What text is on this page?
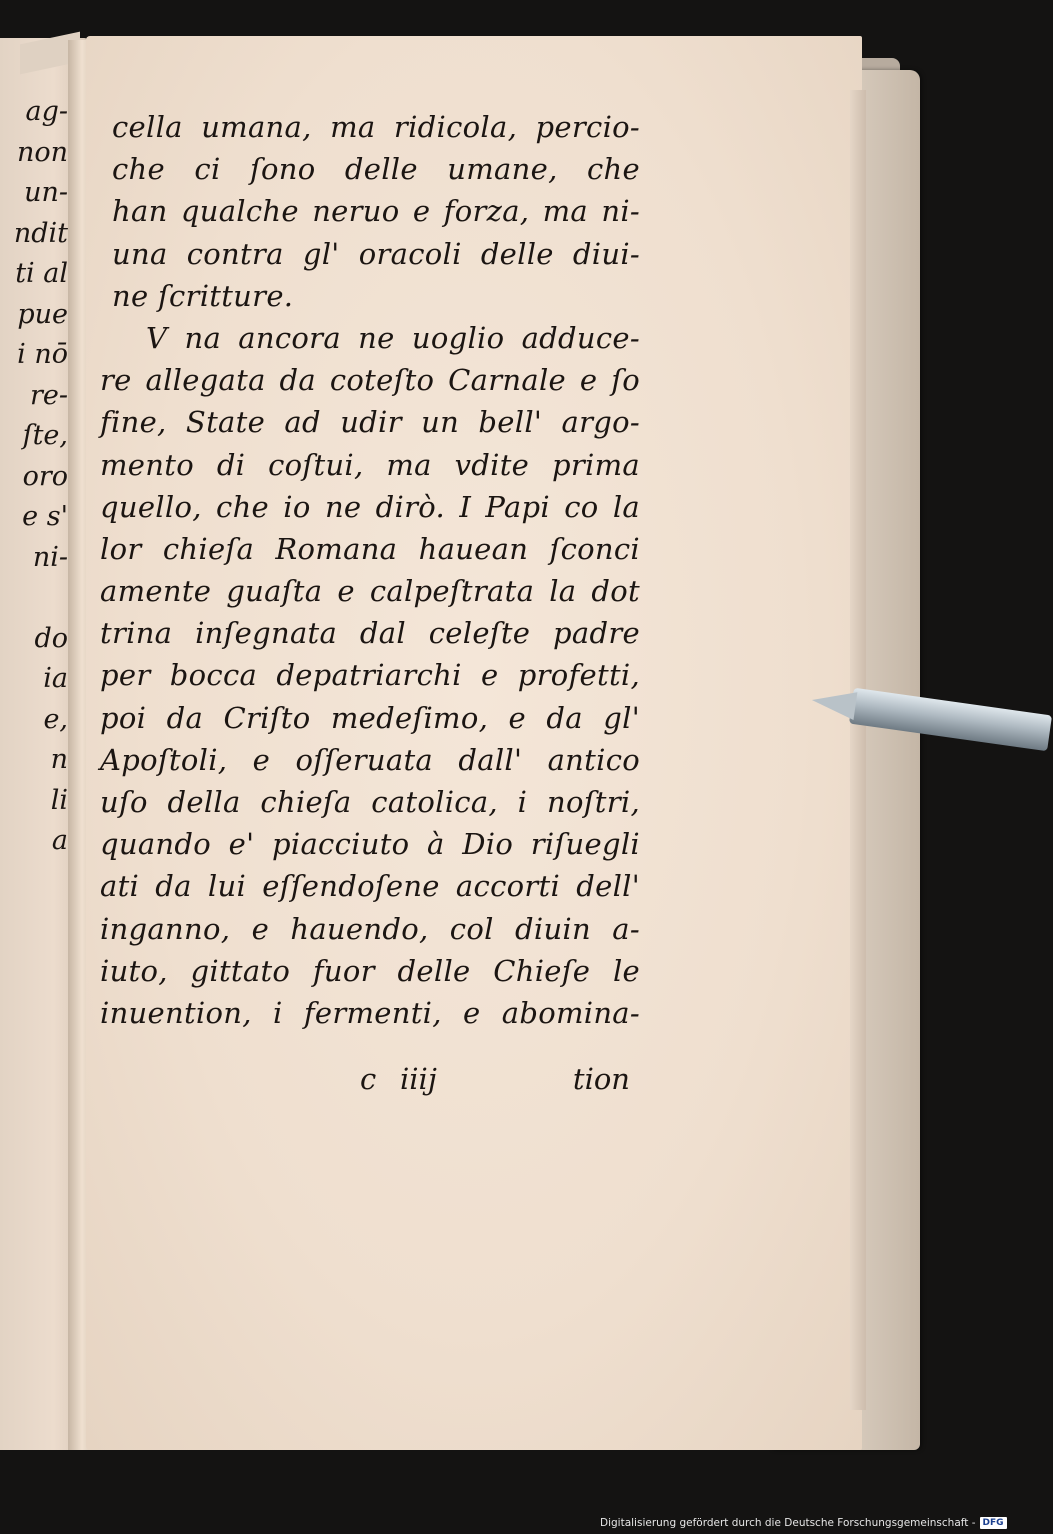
ag-
non
un-
ndit
ti al
pue
i nō
re-
ſte,
oro
e s'
ni-
do
ia
e,
n
li
a
cella umana, ma ridicola, percio-
che ci ſono delle umane, che
han qualche neruo e forza, ma ni-
una contra gl' oracoli delle diui-
ne ſcritture.
V na ancora ne uoglio adduce-
re allegata da coteſto Carnale e ſo
fine, State ad udir un bell' argo-
mento di coſtui, ma vdite prima
quello, che io ne dirò. I Papi co la
lor chieſa Romana hauean ſconci
amente guaſta e calpeſtrata la dot
trina inſegnata dal celeſte padre
per bocca depatriarchi e profetti,
poi da Criſto medeſimo, e da gl'
Apoſtoli, e oſſeruata dall' antico
uſo della chieſa catolica, i noſtri,
quando e' piacciuto à Dio riſuegli
ati da lui eſſendoſene accorti dell'
inganno, e hauendo, col diuin a-
iuto, gittato fuor delle Chieſe le
inuention, i fermenti, e abomina-
c iiij	tion
Digitalisierung gefördert durch die Deutsche Forschungsgemeinschaft - DFG
